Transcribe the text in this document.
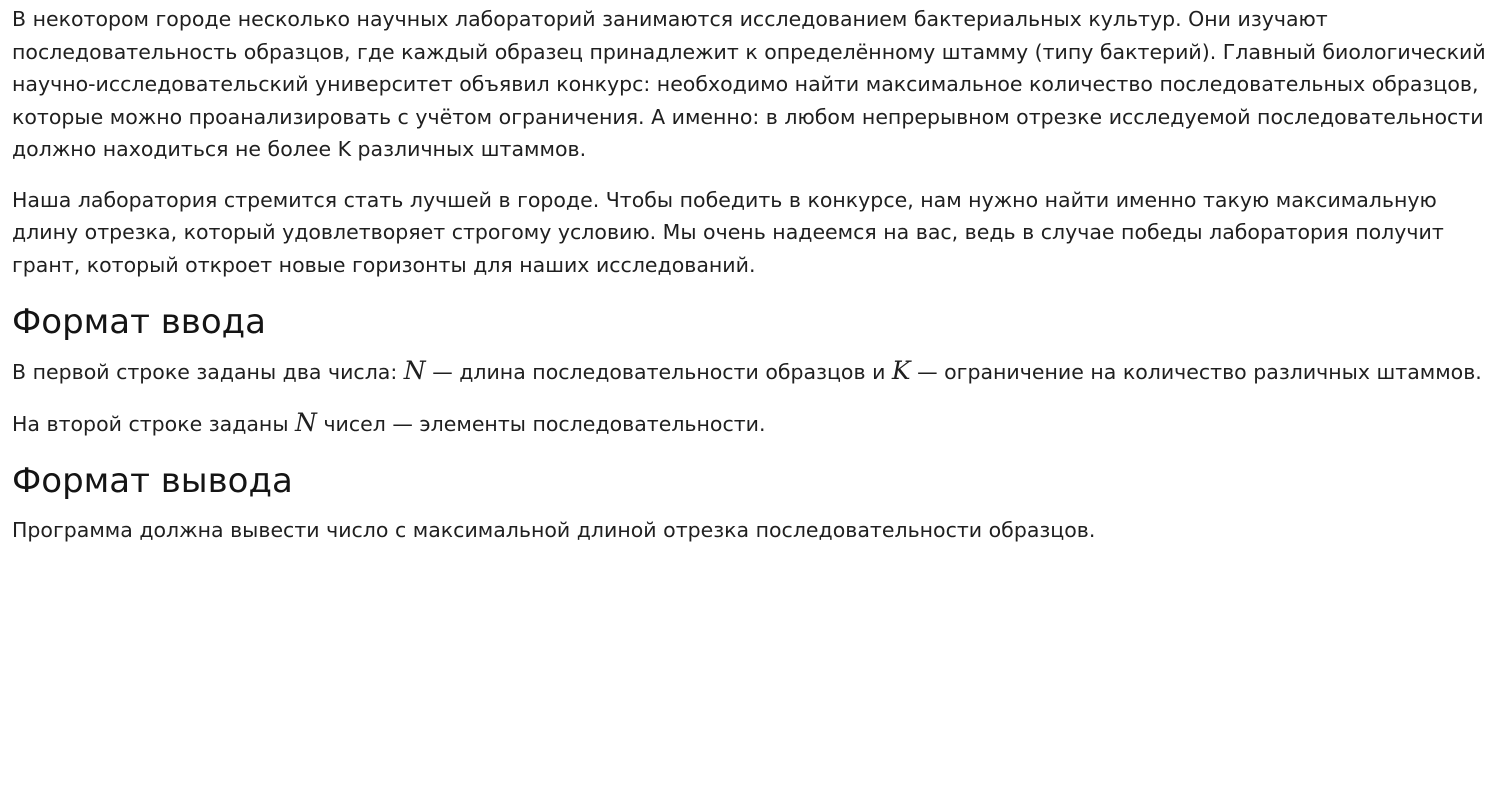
В некотором городе несколько научных лабораторий занимаются исследованием бактериальных культур. Они изучают последовательность образцов, где каждый образец принадлежит к определённому штамму (типу бактерий). Главный биологический научно-исследовательский университет объявил конкурс: необходимо найти максимальное количество последовательных образцов, которые можно проанализировать с учётом ограничения. А именно: в любом непрерывном отрезке исследуемой последовательности должно находиться не более K различных штаммов.

Наша лаборатория стремится стать лучшей в городе. Чтобы победить в конкурсе, нам нужно найти именно такую максимальную длину отрезка, который удовлетворяет строгому условию. Мы очень надеемся на вас, ведь в случае победы лаборатория получит грант, который откроет новые горизонты для наших исследований.

Формат ввода

В первой строке заданы два числа: N — длина последовательности образцов и K — ограничение на количество различных штаммов.

На второй строке заданы N чисел — элементы последовательности.

Формат вывода

Программа должна вывести число с максимальной длиной отрезка последовательности образцов.
